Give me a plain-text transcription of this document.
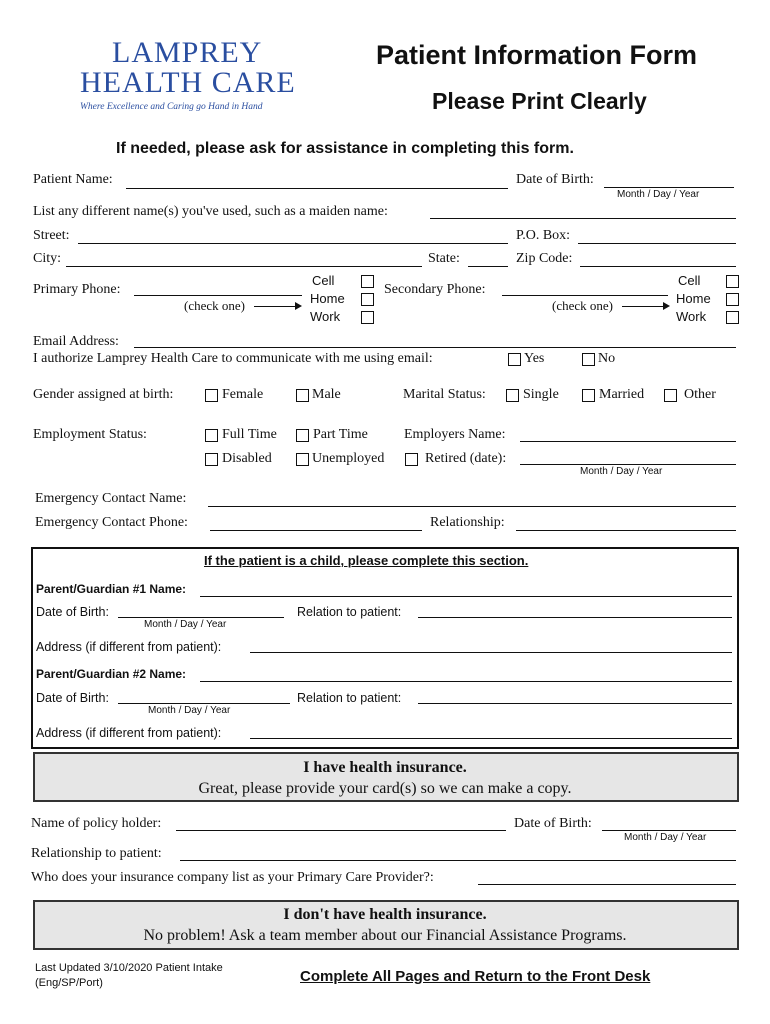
LAMPREY
HEALTH CARE
Where Excellence and Caring go Hand in Hand
Patient Information Form
Please Print Clearly
If needed, please ask for assistance in completing this form.
Patient Name:	Date of Birth:
Month / Day / Year
List any different name(s) you've used, such as a maiden name:
Street:	P.O. Box:
City:	State:	Zip Code:
Primary Phone:
(check one)
Cell
Home
Work
Secondary Phone:
(check one)
Cell
Home
Work
Email Address:
I authorize Lamprey Health Care to communicate with me using email:	Yes	No
Gender assigned at birth:	Female	Male	Marital Status:	Single	Married	Other
Employment Status:	Full Time	Part Time	Employers Name:
Disabled	Unemployed	Retired (date):
Month / Day / Year
Emergency Contact Name:
Emergency Contact Phone:	Relationship:
If the patient is a child, please complete this section.
Parent/Guardian #1 Name:
Date of Birth:
Month / Day / Year
Relation to patient:
Address (if different from patient):
Parent/Guardian #2 Name:
Date of Birth:
Month / Day / Year
Relation to patient:
Address (if different from patient):
I have health insurance.
Great, please provide your card(s) so we can make a copy.
Name of policy holder:	Date of Birth:
Month / Day / Year
Relationship to patient:
Who does your insurance company list as your Primary Care Provider?:
I don't have health insurance.
No problem! Ask a team member about our Financial Assistance Programs.
Last Updated 3/10/2020 Patient Intake
(Eng/SP/Port)	Complete All Pages and Return to the Front Desk
